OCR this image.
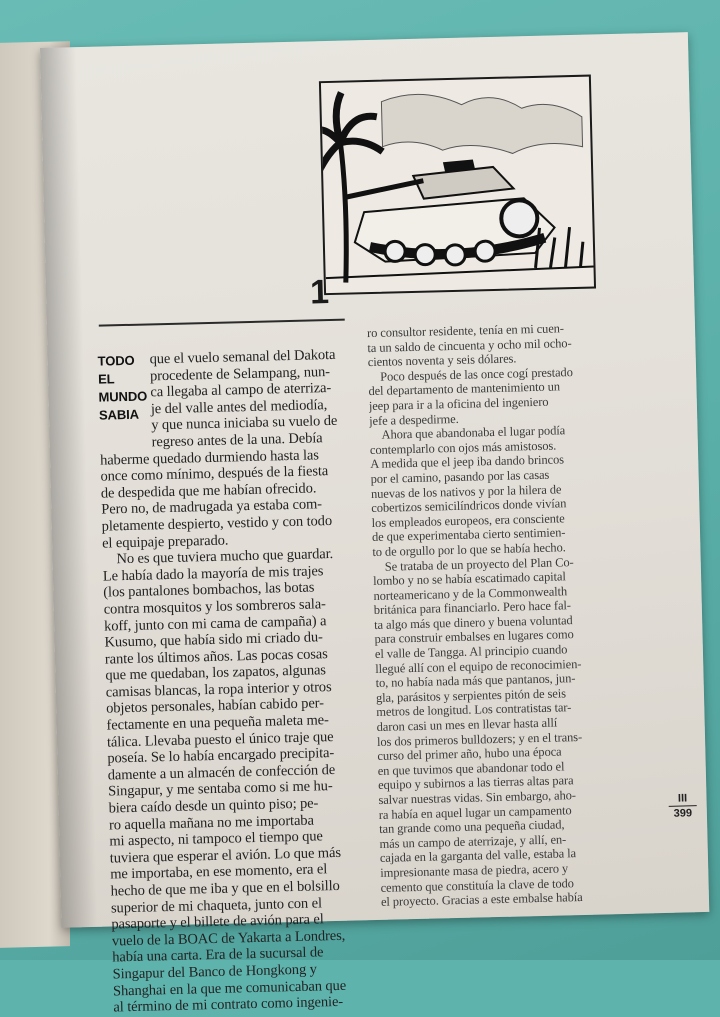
1
TODO
EL
MUNDO
SABIA
que el vuelo semanal del Dakota
procedente de Selampang, nun-
ca llegaba al campo de aterriza-
je del valle antes del mediodía,
y que nunca iniciaba su vuelo de
regreso antes de la una. Debía
haberme quedado durmiendo hasta las
once como mínimo, después de la fiesta
de despedida que me habían ofrecido.
Pero no, de madrugada ya estaba com-
pletamente despierto, vestido y con todo
el equipaje preparado.
No es que tuviera mucho que guardar.
Le había dado la mayoría de mis trajes
(los pantalones bombachos, las botas
contra mosquitos y los sombreros sala-
koff, junto con mi cama de campaña) a
Kusumo, que había sido mi criado du-
rante los últimos años. Las pocas cosas
que me quedaban, los zapatos, algunas
camisas blancas, la ropa interior y otros
objetos personales, habían cabido per-
fectamente en una pequeña maleta me-
tálica. Llevaba puesto el único traje que
poseía. Se lo había encargado precipita-
damente a un almacén de confección de
Singapur, y me sentaba como si me hu-
biera caído desde un quinto piso; pe-
ro aquella mañana no me importaba
mi aspecto, ni tampoco el tiempo que
tuviera que esperar el avión. Lo que más
me importaba, en ese momento, era el
hecho de que me iba y que en el bolsillo
superior de mi chaqueta, junto con el
pasaporte y el billete de avión para el
vuelo de la BOAC de Yakarta a Londres,
había una carta. Era de la sucursal de
Singapur del Banco de Hongkong y
Shanghai en la que me comunicaban que
al término de mi contrato como ingenie-
ro consultor residente, tenía en mi cuen-
ta un saldo de cincuenta y ocho mil ocho-
cientos noventa y seis dólares.
Poco después de las once cogí prestado
del departamento de mantenimiento un
jeep para ir a la oficina del ingeniero
jefe a despedirme.
Ahora que abandonaba el lugar podía
contemplarlo con ojos más amistosos.
A medida que el jeep iba dando brincos
por el camino, pasando por las casas
nuevas de los nativos y por la hilera de
cobertizos semicilíndricos donde vivían
los empleados europeos, era consciente
de que experimentaba cierto sentimien-
to de orgullo por lo que se había hecho.
Se trataba de un proyecto del Plan Co-
lombo y no se había escatimado capital
norteamericano y de la Commonwealth
británica para financiarlo. Pero hace fal-
ta algo más que dinero y buena voluntad
para construir embalses en lugares como
el valle de Tangga. Al principio cuando
llegué allí con el equipo de reconocimien-
to, no había nada más que pantanos, jun-
gla, parásitos y serpientes pitón de seis
metros de longitud. Los contratistas tar-
daron casi un mes en llevar hasta allí
los dos primeros bulldozers; y en el trans-
curso del primer año, hubo una época
en que tuvimos que abandonar todo el
equipo y subirnos a las tierras altas para
salvar nuestras vidas. Sin embargo, aho-
ra había en aquel lugar un campamento
tan grande como una pequeña ciudad,
más un campo de aterrizaje, y allí, en-
cajada en la garganta del valle, estaba la
impresionante masa de piedra, acero y
cemento que constituía la clave de todo
el proyecto. Gracias a este embalse había
III
399
